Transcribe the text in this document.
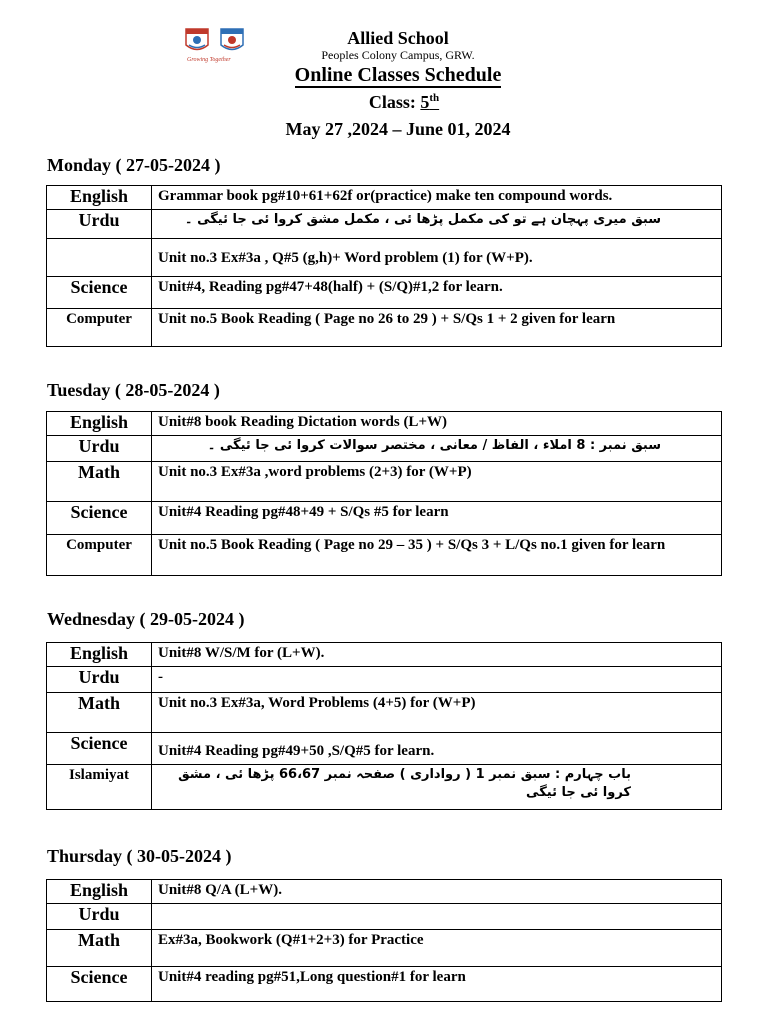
Growing Together
Allied School
Peoples Colony Campus, GRW.
Online Classes Schedule
Class: 5th
May 27 ,2024 – June 01, 2024
Monday ( 27-05-2024 )
English	Grammar book pg#10+61+62f or(practice) make ten compound words.
Urdu	سبق میری پہچان ہے تو کی مکمل پڑھا ئی ، مکمل مشق کروا ئی جا ئیگی ۔
	Unit no.3 Ex#3a , Q#5 (g,h)+ Word problem (1) for (W+P).
Science	Unit#4, Reading pg#47+48(half) + (S/Q)#1,2 for learn.
Computer	Unit no.5 Book Reading ( Page no 26 to 29 ) + S/Qs 1 + 2 given for learn
Tuesday ( 28-05-2024 )
English	Unit#8 book Reading Dictation words (L+W)
Urdu	سبق نمبر : 8 املاء ، الفاظ / معانی ، مختصر سوالات کروا ئی جا ئیگی ۔
Math	Unit no.3 Ex#3a ,word problems (2+3) for (W+P)
Science	Unit#4 Reading pg#48+49 + S/Qs #5 for learn
Computer	Unit no.5 Book Reading ( Page no 29 – 35 ) + S/Qs 3 + L/Qs no.1 given for learn
Wednesday ( 29-05-2024 )
English	Unit#8 W/S/M for (L+W).
Urdu	-
Math	Unit no.3 Ex#3a, Word Problems (4+5) for (W+P)
Science	Unit#4 Reading pg#49+50 ,S/Q#5 for learn.
Islamiyat	باب چہارم : سبق نمبر 1 ( رواداری ) صفحہ نمبر 66،67 پڑھا ئی ، مشق کروا ئی جا ئیگی
Thursday ( 30-05-2024 )
English	Unit#8 Q/A (L+W).
Urdu	
Math	Ex#3a, Bookwork (Q#1+2+3) for Practice
Science	Unit#4 reading pg#51,Long question#1 for learn
